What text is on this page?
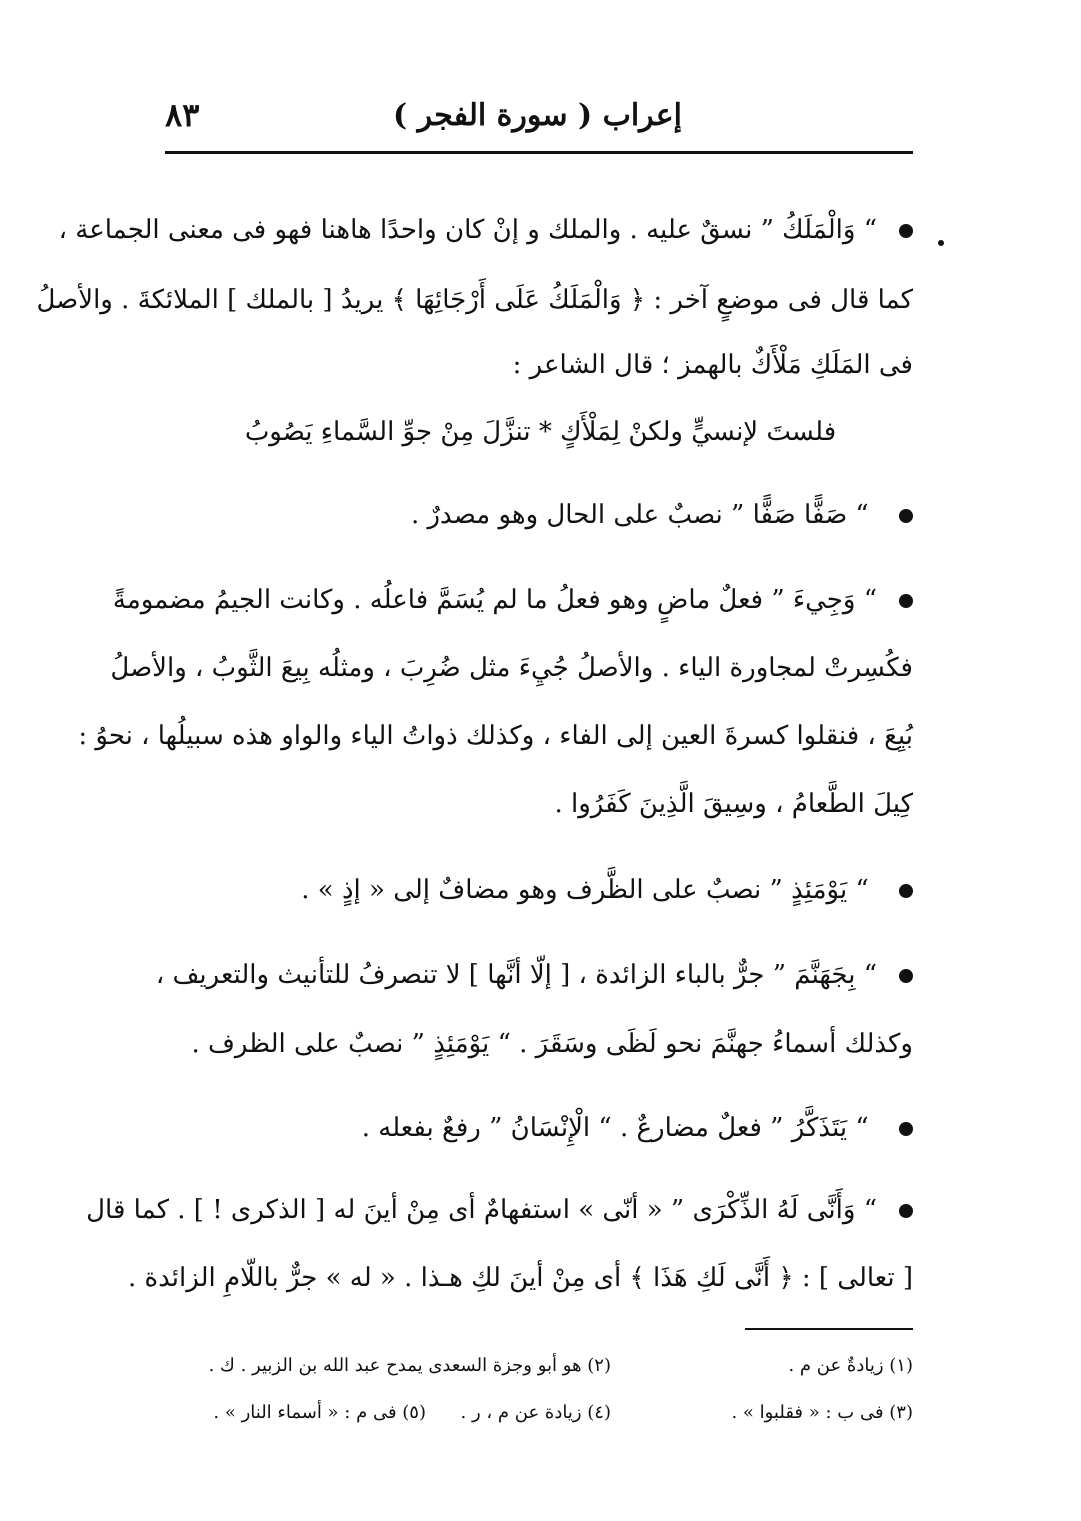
إعراب ( سورة الفجر )
٨٣
“ وَالْمَلَكُ ” نسقٌ عليه . والملك و إنْ كان واحدًا هاهنا فهو فى معنى الجماعة ،
كما قال فى موضعٍ آخر : ﴿ وَالْمَلَكُ عَلَى أَرْجَائِهَا ﴾ يريدُ [ بالملك ] الملائكةَ . والأصلُ
فى المَلَكِ مَلْأَكٌ بالهمز ؛ قال الشاعر :
فلستَ لإنسيٍّ ولكنْ لِمَلْأَكٍ * تنزَّلَ مِنْ جوِّ السَّماءِ يَصُوبُ
“ صَفًّا صَفًّا ” نصبٌ على الحال وهو مصدرٌ .
“ وَجِيءَ ” فعلٌ ماضٍ وهو فعلُ ما لم يُسَمَّ فاعلُه . وكانت الجيمُ مضمومةً
فكُسِرتْ لمجاورة الياء . والأصلُ جُيِءَ مثل ضُرِبَ ، ومثلُه بِيعَ الثَّوبُ ، والأصلُ
بُيِعَ ، فنقلوا كسرةَ العين إلى الفاء ، وكذلك ذواتُ الياء والواو هذه سبيلُها ، نحوُ :
كِيلَ الطَّعامُ ، وسِيقَ الَّذِينَ كَفَرُوا .
“ يَوْمَئِذٍ ” نصبٌ على الظَّرف وهو مضافٌ إلى « إذٍ » .
“ بِجَهَنَّمَ ” جرٌّ بالباء الزائدة ، [ إلّا أنَّها ] لا تنصرفُ للتأنيث والتعريف ،
وكذلك أسماءُ جهنَّمَ نحو لَظَى وسَقَرَ . “ يَوْمَئِذٍ ” نصبٌ على الظرف .
“ يَتَذَكَّرُ ” فعلٌ مضارعٌ . “ الْإِنْسَانُ ” رفعٌ بفعله .
“ وَأَنَّى لَهُ الذِّكْرَى ” « أنّى » استفهامٌ أى مِنْ أينَ له [ الذكرى ! ] . كما قال
[ تعالى ] : ﴿ أَنَّى لَكِ هَذَا ﴾ أى مِنْ أينَ لكِ هـذا . « له » جرٌّ باللّامِ الزائدة .
(١) زيادةٌ عن م .
(٢) هو أبو وجزة السعدى يمدح عبد الله بن الزبير . ك .
(٣) فى ب : « فقلبوا » .
(٤) زيادة عن م ، ر .
(٥) فى م : « أسماء النار » .
